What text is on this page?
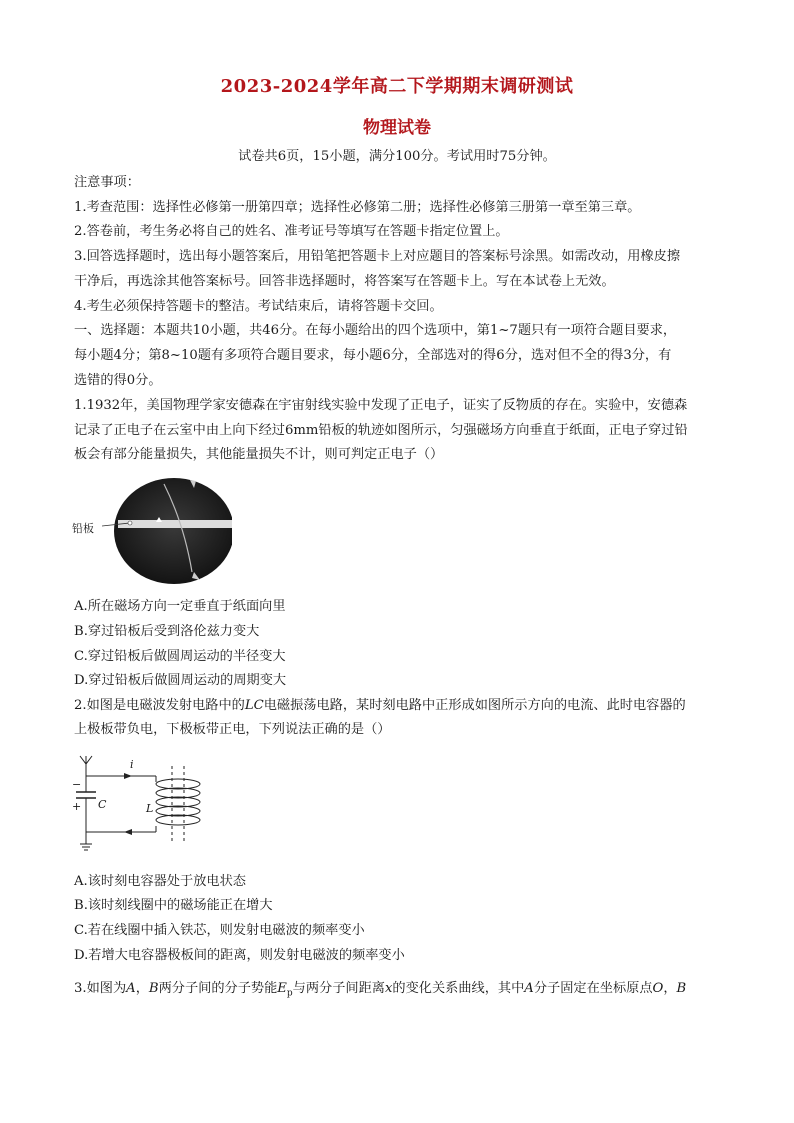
2023-2024学年高二下学期期末调研测试
物理试卷
试卷共6页，15小题，满分100分。考试用时75分钟。
注意事项：
1.考查范围：选择性必修第一册第四章；选择性必修第二册；选择性必修第三册第一章至第三章。
2.答卷前，考生务必将自己的姓名、准考证号等填写在答题卡指定位置上。
3.回答选择题时，选出每小题答案后，用铅笔把答题卡上对应题目的答案标号涂黑。如需改动，用橡皮擦
干净后，再选涂其他答案标号。回答非选择题时，将答案写在答题卡上。写在本试卷上无效。
4.考生必须保持答题卡的整洁。考试结束后，请将答题卡交回。
一、选择题：本题共10小题，共46分。在每小题给出的四个选项中，第1~7题只有一项符合题目要求，
每小题4分；第8~10题有多项符合题目要求，每小题6分，全部选对的得6分，选对但不全的得3分，有
选错的得0分。
1.1932年，美国物理学家安德森在宇宙射线实验中发现了正电子，证实了反物质的存在。实验中，安德森
记录了正电子在云室中由上向下经过6mm铅板的轨迹如图所示，匀强磁场方向垂直于纸面，正电子穿过铅
板会有部分能量损失，其他能量损失不计，则可判定正电子（）
铅板
A.所在磁场方向一定垂直于纸面向里
B.穿过铅板后受到洛伦兹力变大
C.穿过铅板后做圆周运动的半径变大
D.穿过铅板后做圆周运动的周期变大
2.如图是电磁波发射电路中的LC电磁振荡电路，某时刻电路中正形成如图所示方向的电流、此时电容器的
上极板带负电，下极板带正电，下列说法正确的是（）
i
C	L
−
+
A.该时刻电容器处于放电状态
B.该时刻线圈中的磁场能正在增大
C.若在线圈中插入铁芯，则发射电磁波的频率变小
D.若增大电容器极板间的距离，则发射电磁波的频率变小
3.如图为A，B两分子间的分子势能$E_p$与两分子间距离x的变化关系曲线，其中A分子固定在坐标原点O，B
